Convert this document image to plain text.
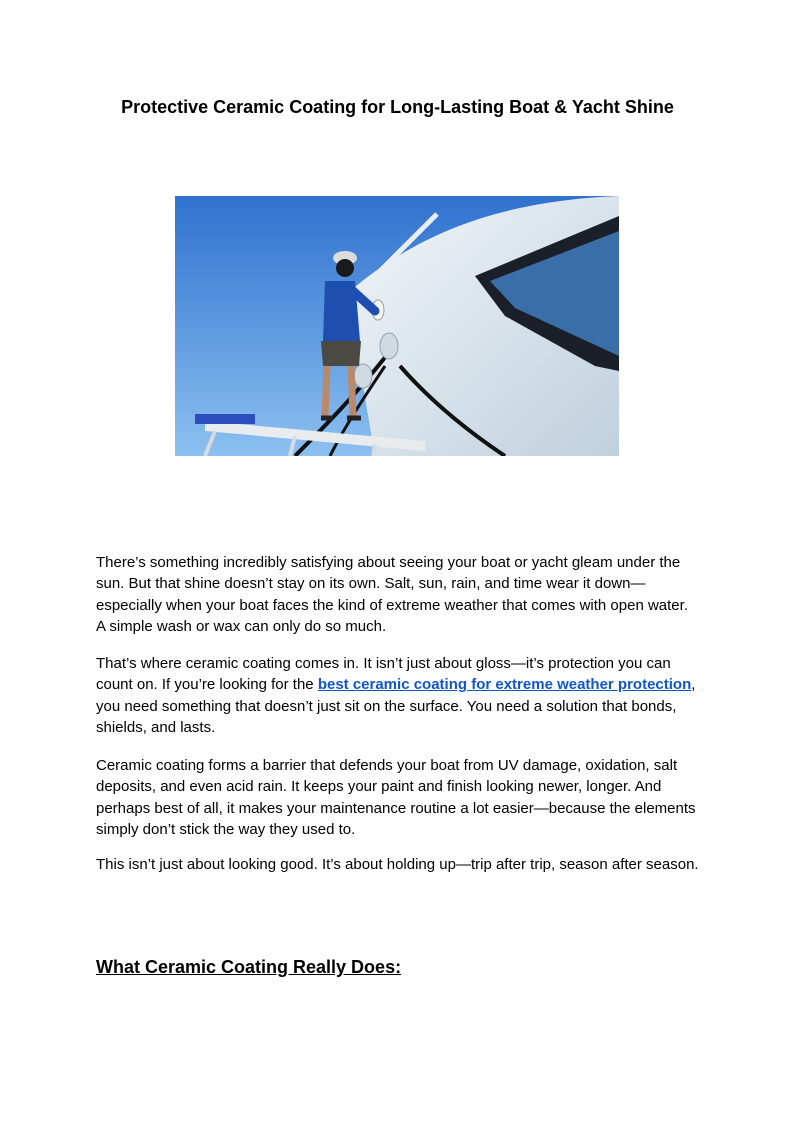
Protective Ceramic Coating for Long-Lasting Boat & Yacht Shine

There’s something incredibly satisfying about seeing your boat or yacht gleam under the sun. But that shine doesn’t stay on its own. Salt, sun, rain, and time wear it down—especially when your boat faces the kind of extreme weather that comes with open water. A simple wash or wax can only do so much.

That’s where ceramic coating comes in. It isn’t just about gloss—it’s protection you can count on. If you’re looking for the best ceramic coating for extreme weather protection, you need something that doesn’t just sit on the surface. You need a solution that bonds, shields, and lasts.

Ceramic coating forms a barrier that defends your boat from UV damage, oxidation, salt deposits, and even acid rain. It keeps your paint and finish looking newer, longer. And perhaps best of all, it makes your maintenance routine a lot easier—because the elements simply don’t stick the way they used to.

This isn’t just about looking good. It’s about holding up—trip after trip, season after season.

What Ceramic Coating Really Does:
